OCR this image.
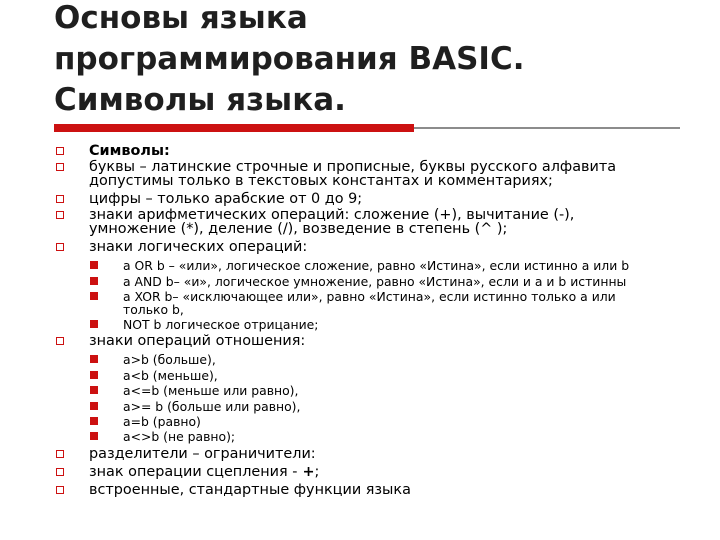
Основы языка
программирования BASIC.
Символы языка.
Символы:
буквы – латинские строчные и прописные, буквы русского алфавита
допустимы только в текстовых константах и комментариях;
цифры – только арабские от 0 до 9;
знаки арифметических операций: сложение (+), вычитание (-),
умножение (*), деление (/), возведение в степень (^ );
знаки логических операций:
a OR b – «или», логическое сложение, равно «Истина», если истинно a или b
a AND b– «и», логическое умножение, равно «Истина», если и a и b истинны
a XOR b– «исключающее или», равно «Истина», если истинно только a или
только b,
NOT b логическое отрицание;
знаки операций отношения:
a>b (больше),
a<b (меньше),
a<=b (меньше или равно),
a>= b (больше или равно),
a=b (равно)
a<>b (не равно);
разделители – ограничители:
знак операции сцепления - +;
встроенные, стандартные функции языка
